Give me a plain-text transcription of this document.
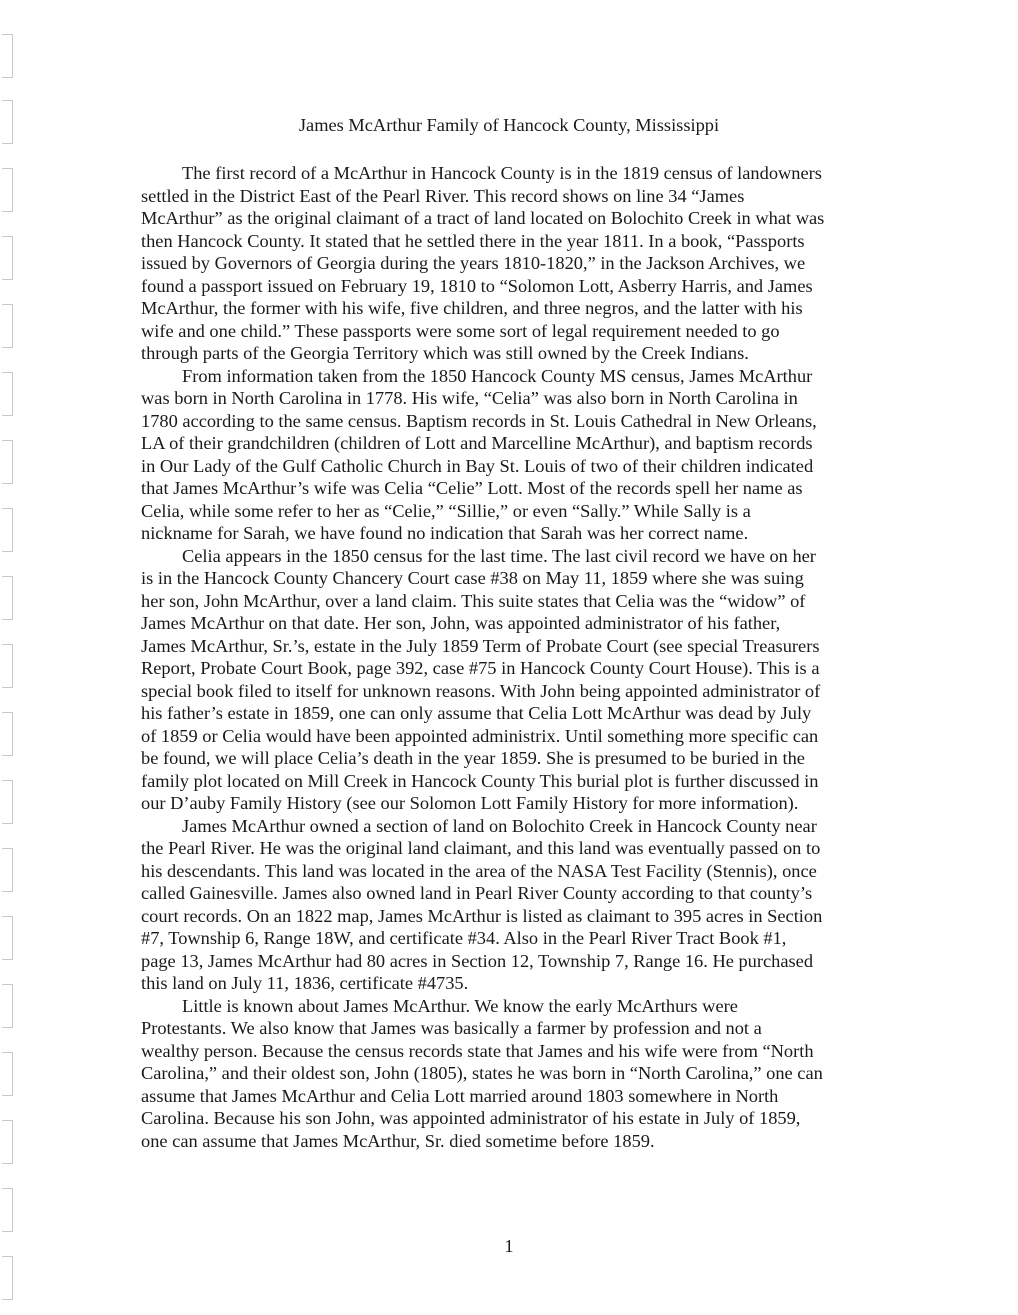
James McArthur Family of Hancock County, Mississippi
The first record of a McArthur in Hancock County is in the 1819 census of landowners
settled in the District East of the Pearl River. This record shows on line 34 “James
McArthur” as the original claimant of a tract of land located on Bolochito Creek in what was
then Hancock County. It stated that he settled there in the year 1811. In a book, “Passports
issued by Governors of Georgia during the years 1810-1820,” in the Jackson Archives, we
found a passport issued on February 19, 1810 to “Solomon Lott, Asberry Harris, and James
McArthur, the former with his wife, five children, and three negros, and the latter with his
wife and one child.” These passports were some sort of legal requirement needed to go
through parts of the Georgia Territory which was still owned by the Creek Indians.
From information taken from the 1850 Hancock County MS census, James McArthur
was born in North Carolina in 1778. His wife, “Celia” was also born in North Carolina in
1780 according to the same census. Baptism records in St. Louis Cathedral in New Orleans,
LA of their grandchildren (children of Lott and Marcelline McArthur), and baptism records
in Our Lady of the Gulf Catholic Church in Bay St. Louis of two of their children indicated
that James McArthur’s wife was Celia “Celie” Lott. Most of the records spell her name as
Celia, while some refer to her as “Celie,” “Sillie,” or even “Sally.” While Sally is a
nickname for Sarah, we have found no indication that Sarah was her correct name.
Celia appears in the 1850 census for the last time. The last civil record we have on her
is in the Hancock County Chancery Court case #38 on May 11, 1859 where she was suing
her son, John McArthur, over a land claim. This suite states that Celia was the “widow” of
James McArthur on that date. Her son, John, was appointed administrator of his father,
James McArthur, Sr.’s, estate in the July 1859 Term of Probate Court (see special Treasurers
Report, Probate Court Book, page 392, case #75 in Hancock County Court House). This is a
special book filed to itself for unknown reasons. With John being appointed administrator of
his father’s estate in 1859, one can only assume that Celia Lott McArthur was dead by July
of 1859 or Celia would have been appointed administrix. Until something more specific can
be found, we will place Celia’s death in the year 1859. She is presumed to be buried in the
family plot located on Mill Creek in Hancock County This burial plot is further discussed in
our D’auby Family History (see our Solomon Lott Family History for more information).
James McArthur owned a section of land on Bolochito Creek in Hancock County near
the Pearl River. He was the original land claimant, and this land was eventually passed on to
his descendants. This land was located in the area of the NASA Test Facility (Stennis), once
called Gainesville. James also owned land in Pearl River County according to that county’s
court records. On an 1822 map, James McArthur is listed as claimant to 395 acres in Section
#7, Township 6, Range 18W, and certificate #34. Also in the Pearl River Tract Book #1,
page 13, James McArthur had 80 acres in Section 12, Township 7, Range 16. He purchased
this land on July 11, 1836, certificate #4735.
Little is known about James McArthur. We know the early McArthurs were
Protestants. We also know that James was basically a farmer by profession and not a
wealthy person. Because the census records state that James and his wife were from “North
Carolina,” and their oldest son, John (1805), states he was born in “North Carolina,” one can
assume that James McArthur and Celia Lott married around 1803 somewhere in North
Carolina. Because his son John, was appointed administrator of his estate in July of 1859,
one can assume that James McArthur, Sr. died sometime before 1859.
1
